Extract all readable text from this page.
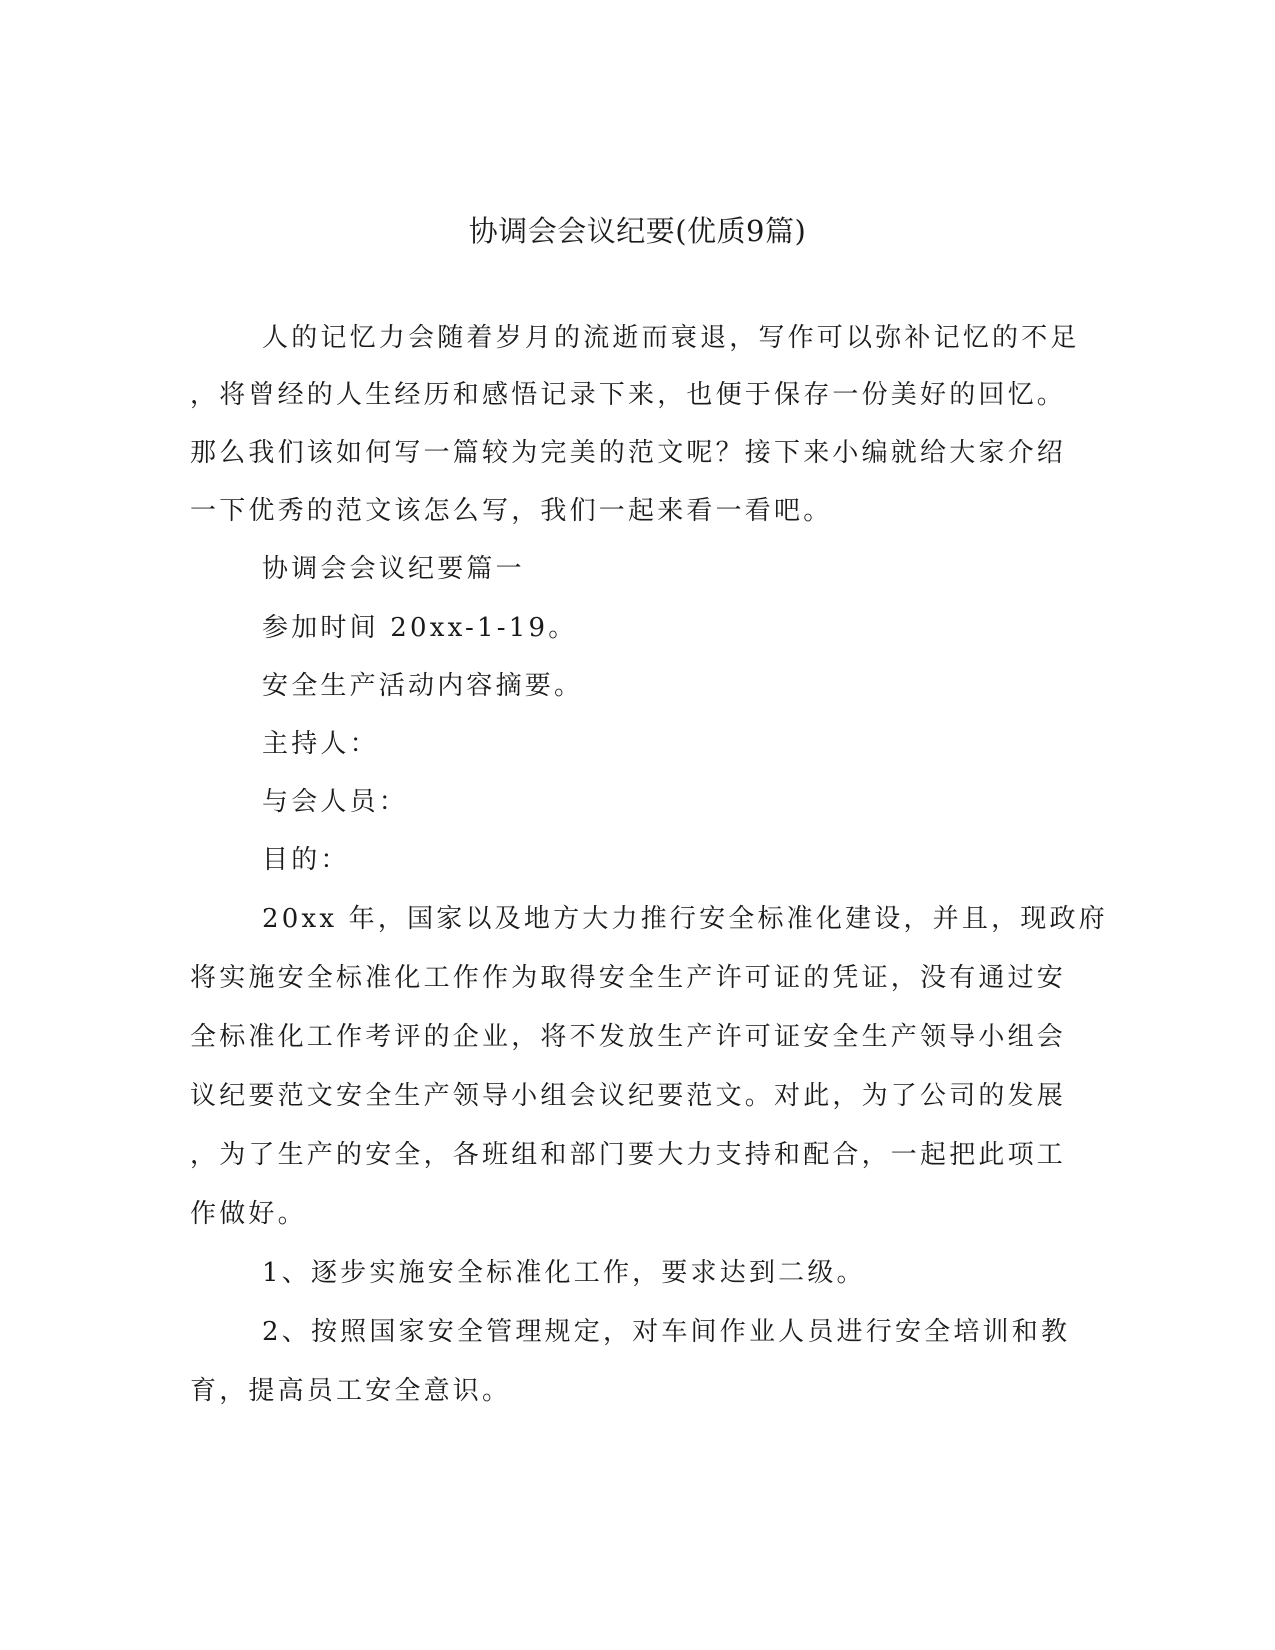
协调会会议纪要(优质9篇)
人的记忆力会随着岁月的流逝而衰退，写作可以弥补记忆的不足
，将曾经的人生经历和感悟记录下来，也便于保存一份美好的回忆。
那么我们该如何写一篇较为完美的范文呢？接下来小编就给大家介绍
一下优秀的范文该怎么写，我们一起来看一看吧。
协调会会议纪要篇一
参加时间 20xx-1-19。
安全生产活动内容摘要。
主持人：
与会人员：
目的：
20xx 年，国家以及地方大力推行安全标准化建设，并且，现政府
将实施安全标准化工作作为取得安全生产许可证的凭证，没有通过安
全标准化工作考评的企业，将不发放生产许可证安全生产领导小组会
议纪要范文安全生产领导小组会议纪要范文。对此，为了公司的发展
，为了生产的安全，各班组和部门要大力支持和配合，一起把此项工
作做好。
1、逐步实施安全标准化工作，要求达到二级。
2、按照国家安全管理规定，对车间作业人员进行安全培训和教
育，提高员工安全意识。
